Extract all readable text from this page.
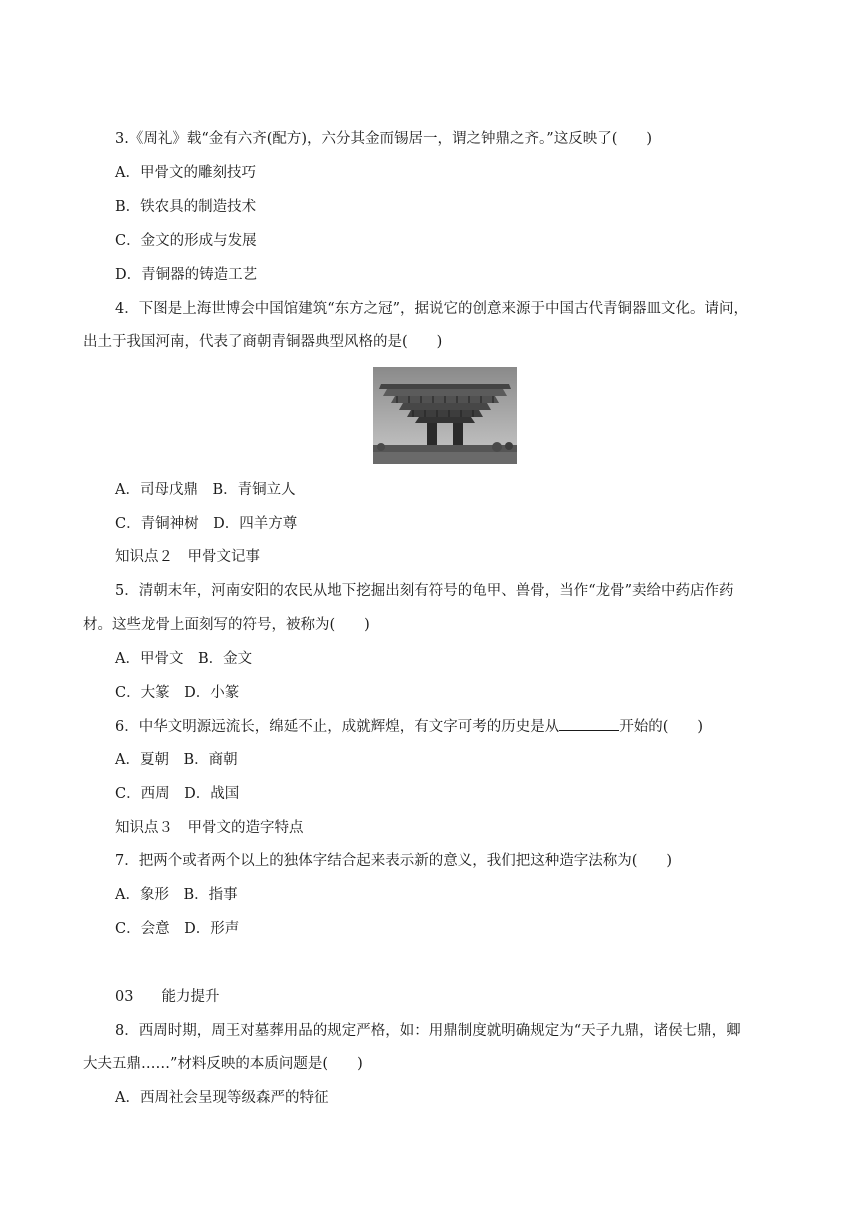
3.《周礼》载“金有六齐(配方)，六分其金而锡居一，谓之钟鼎之齐。”这反映了(　　)
A．甲骨文的雕刻技巧
B．铁农具的制造技术
C．金文的形成与发展
D．青铜器的铸造工艺
4．下图是上海世博会中国馆建筑“东方之冠”，据说它的创意来源于中国古代青铜器皿文化。请问，
出土于我国河南，代表了商朝青铜器典型风格的是(　　)
A．司母戊鼎　B．青铜立人
C．青铜神树　D．四羊方尊
知识点２　甲骨文记事
5．清朝末年，河南安阳的农民从地下挖掘出刻有符号的龟甲、兽骨，当作“龙骨”卖给中药店作药
材。这些龙骨上面刻写的符号，被称为(　　)
A．甲骨文　B．金文
C．大篆　D．小篆
6．中华文明源远流长，绵延不止，成就辉煌，有文字可考的历史是从	开始的(　　)
A．夏朝　B．商朝
C．西周　D．战国
知识点３　甲骨文的造字特点
7．把两个或者两个以上的独体字结合起来表示新的意义，我们把这种造字法称为(　　)
A．象形　B．指事
C．会意　D．形声
03 能力提升
8．西周时期，周王对墓葬用品的规定严格，如：用鼎制度就明确规定为“天子九鼎，诸侯七鼎，卿
大夫五鼎……”材料反映的本质问题是(　　)
A．西周社会呈现等级森严的特征
